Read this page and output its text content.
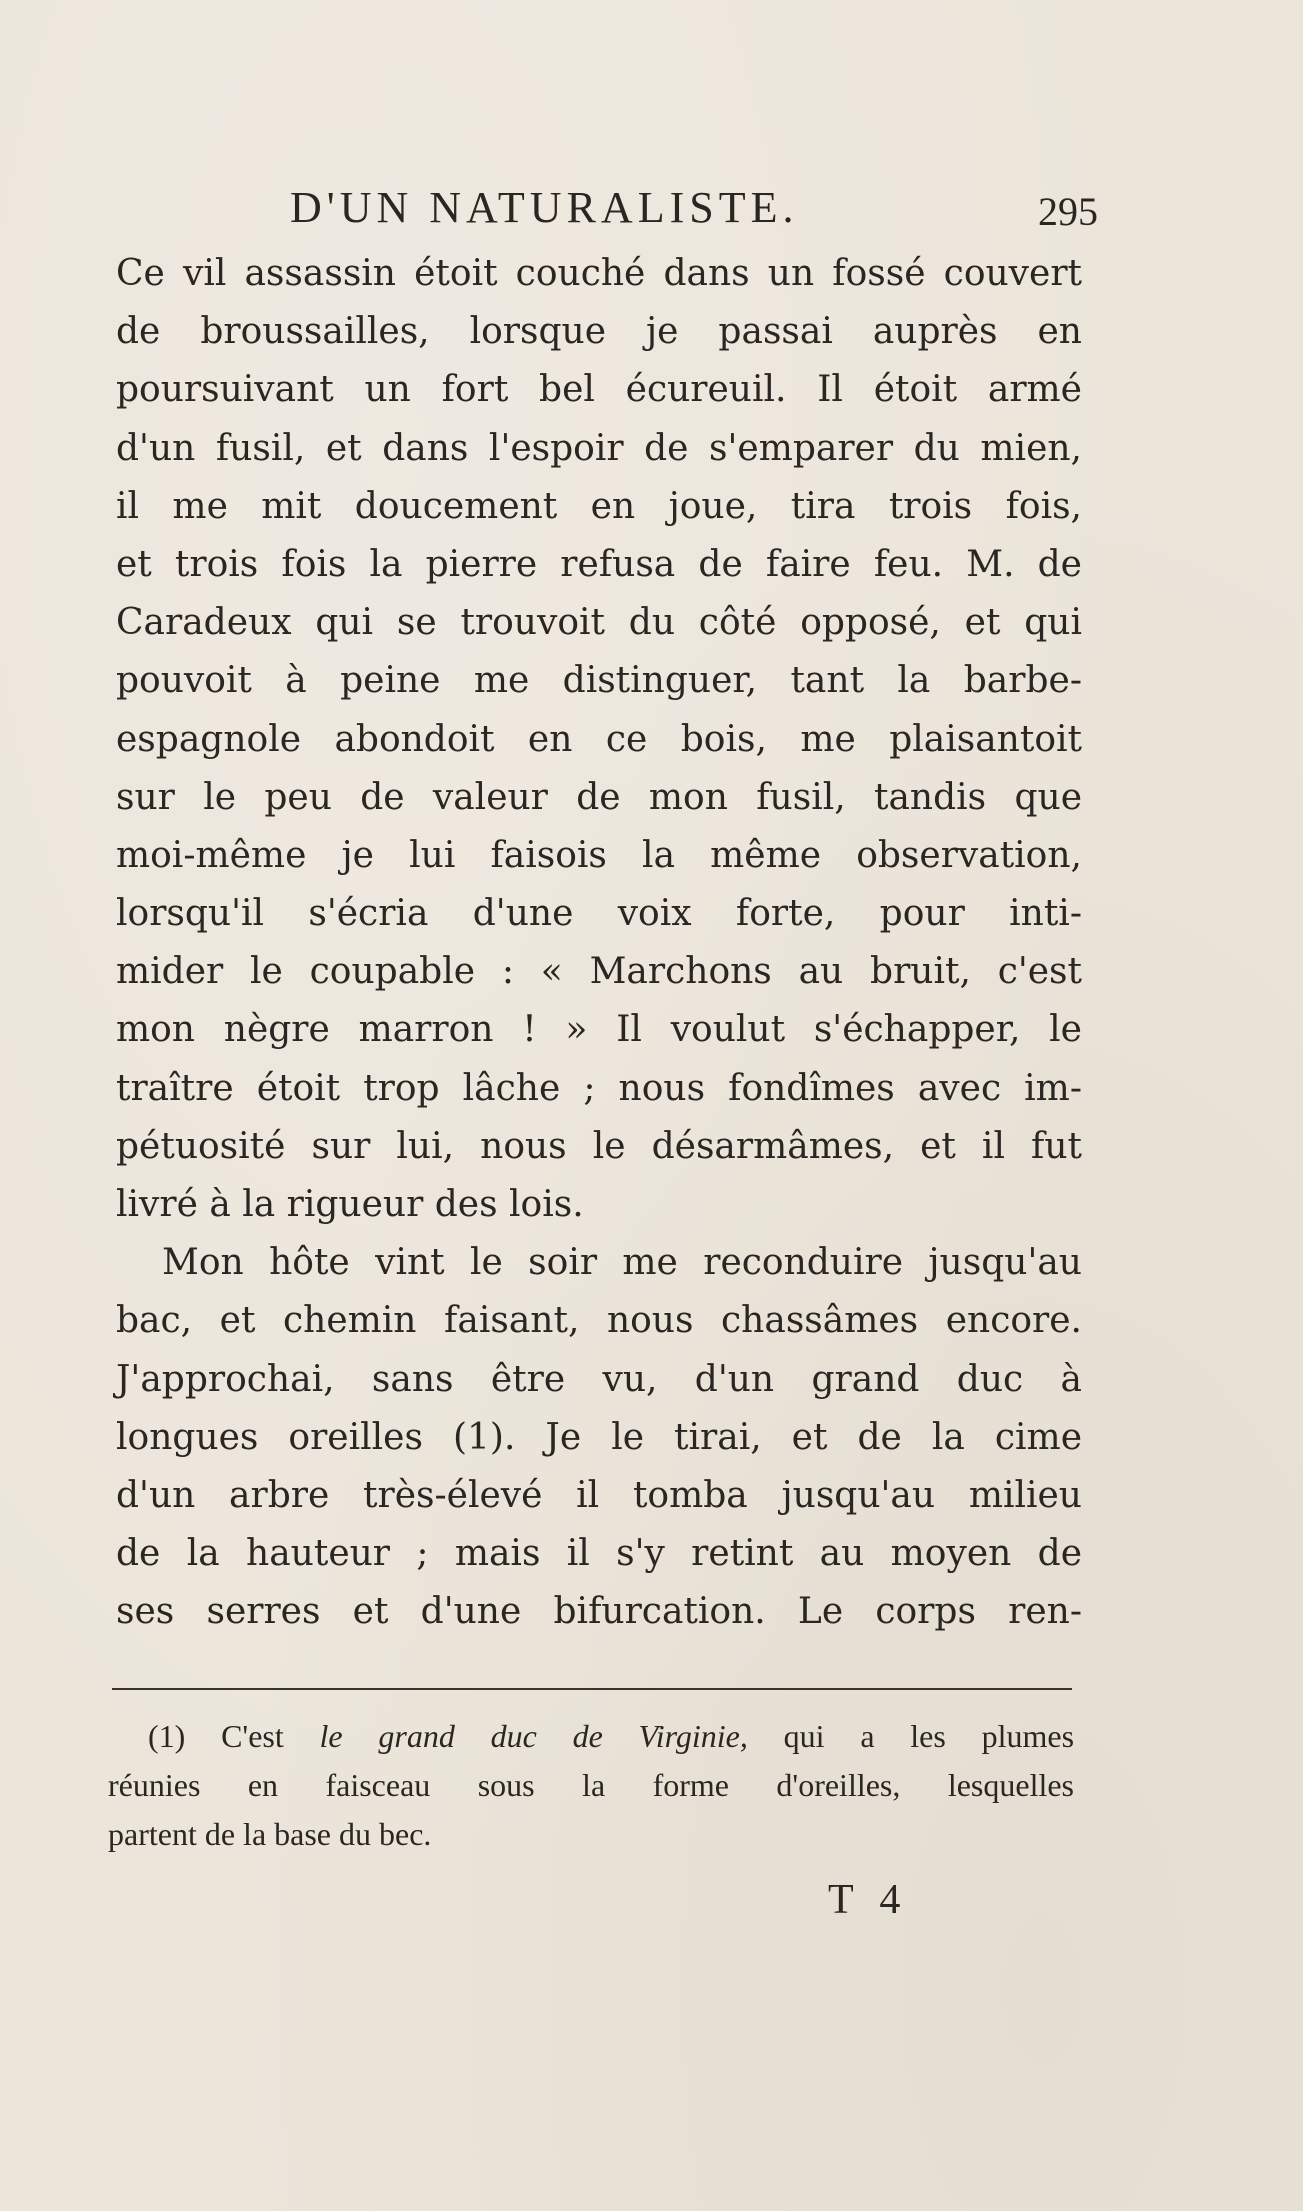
D'UN NATURALISTE.	295
Ce vil assassin étoit couché dans un fossé couvert
de broussailles, lorsque je passai auprès en
poursuivant un fort bel écureuil. Il étoit armé
d'un fusil, et dans l'espoir de s'emparer du mien,
il me mit doucement en joue, tira trois fois,
et trois fois la pierre refusa de faire feu. M. de
Caradeux qui se trouvoit du côté opposé, et qui
pouvoit à peine me distinguer, tant la barbe-
espagnole abondoit en ce bois, me plaisantoit
sur le peu de valeur de mon fusil, tandis que
moi-même je lui faisois la même observation,
lorsqu'il s'écria d'une voix forte, pour inti-
mider le coupable : « Marchons au bruit, c'est
mon nègre marron ! » Il voulut s'échapper, le
traître étoit trop lâche ; nous fondîmes avec im-
pétuosité sur lui, nous le désarmâmes, et il fut
livré à la rigueur des lois.
Mon hôte vint le soir me reconduire jusqu'au
bac, et chemin faisant, nous chassâmes encore.
J'approchai, sans être vu, d'un grand duc à
longues oreilles (1). Je le tirai, et de la cime
d'un arbre très-élevé il tomba jusqu'au milieu
de la hauteur ; mais il s'y retint au moyen de
ses serres et d'une bifurcation. Le corps ren-
(1) C'est le grand duc de Virginie, qui a les plumes
réunies en faisceau sous la forme d'oreilles, lesquelles
partent de la base du bec.
T 4
